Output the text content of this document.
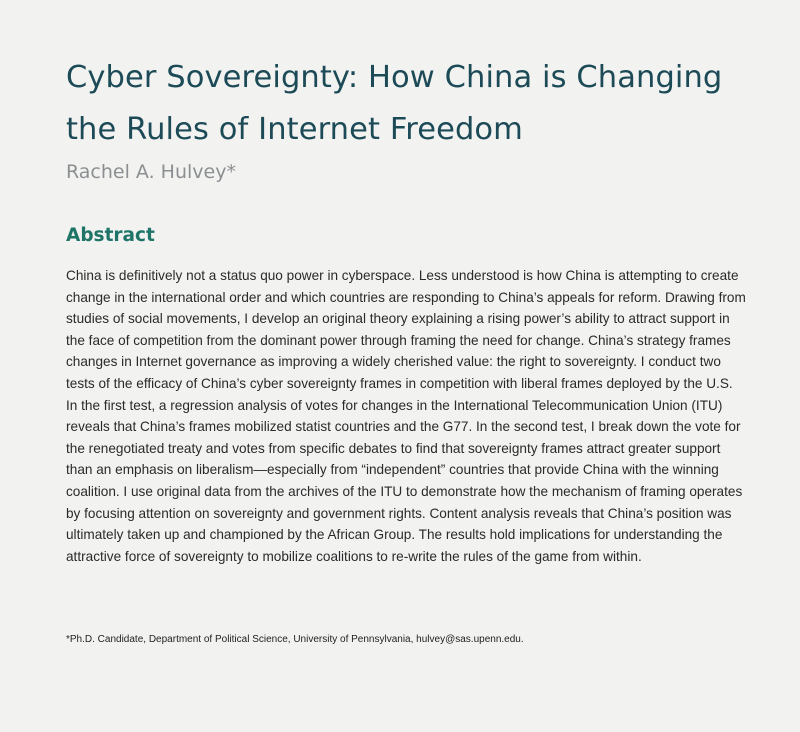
Cyber Sovereignty: How China is Changing the Rules of Internet Freedom

Rachel A. Hulvey*

Abstract

China is definitively not a status quo power in cyberspace. Less understood is how China is attempting to create change in the international order and which countries are responding to China’s appeals for reform. Drawing from studies of social movements, I develop an original theory explaining a rising power’s ability to attract support in the face of competition from the dominant power through framing the need for change. China’s strategy frames changes in Internet governance as improving a widely cherished value: the right to sovereignty. I conduct two tests of the efficacy of China’s cyber sovereignty frames in competition with liberal frames deployed by the U.S. In the first test, a regression analysis of votes for changes in the International Telecommunication Union (ITU) reveals that China’s frames mobilized statist countries and the G77. In the second test, I break down the vote for the renegotiated treaty and votes from specific debates to find that sovereignty frames attract greater support than an emphasis on liberalism—especially from “independent” countries that provide China with the winning coalition. I use original data from the archives of the ITU to demonstrate how the mechanism of framing operates by focusing attention on sovereignty and government rights. Content analysis reveals that China’s position was ultimately taken up and championed by the African Group. The results hold implications for understanding the attractive force of sovereignty to mobilize coalitions to re-write the rules of the game from within.

*Ph.D. Candidate, Department of Political Science, University of Pennsylvania, hulvey@sas.upenn.edu.
